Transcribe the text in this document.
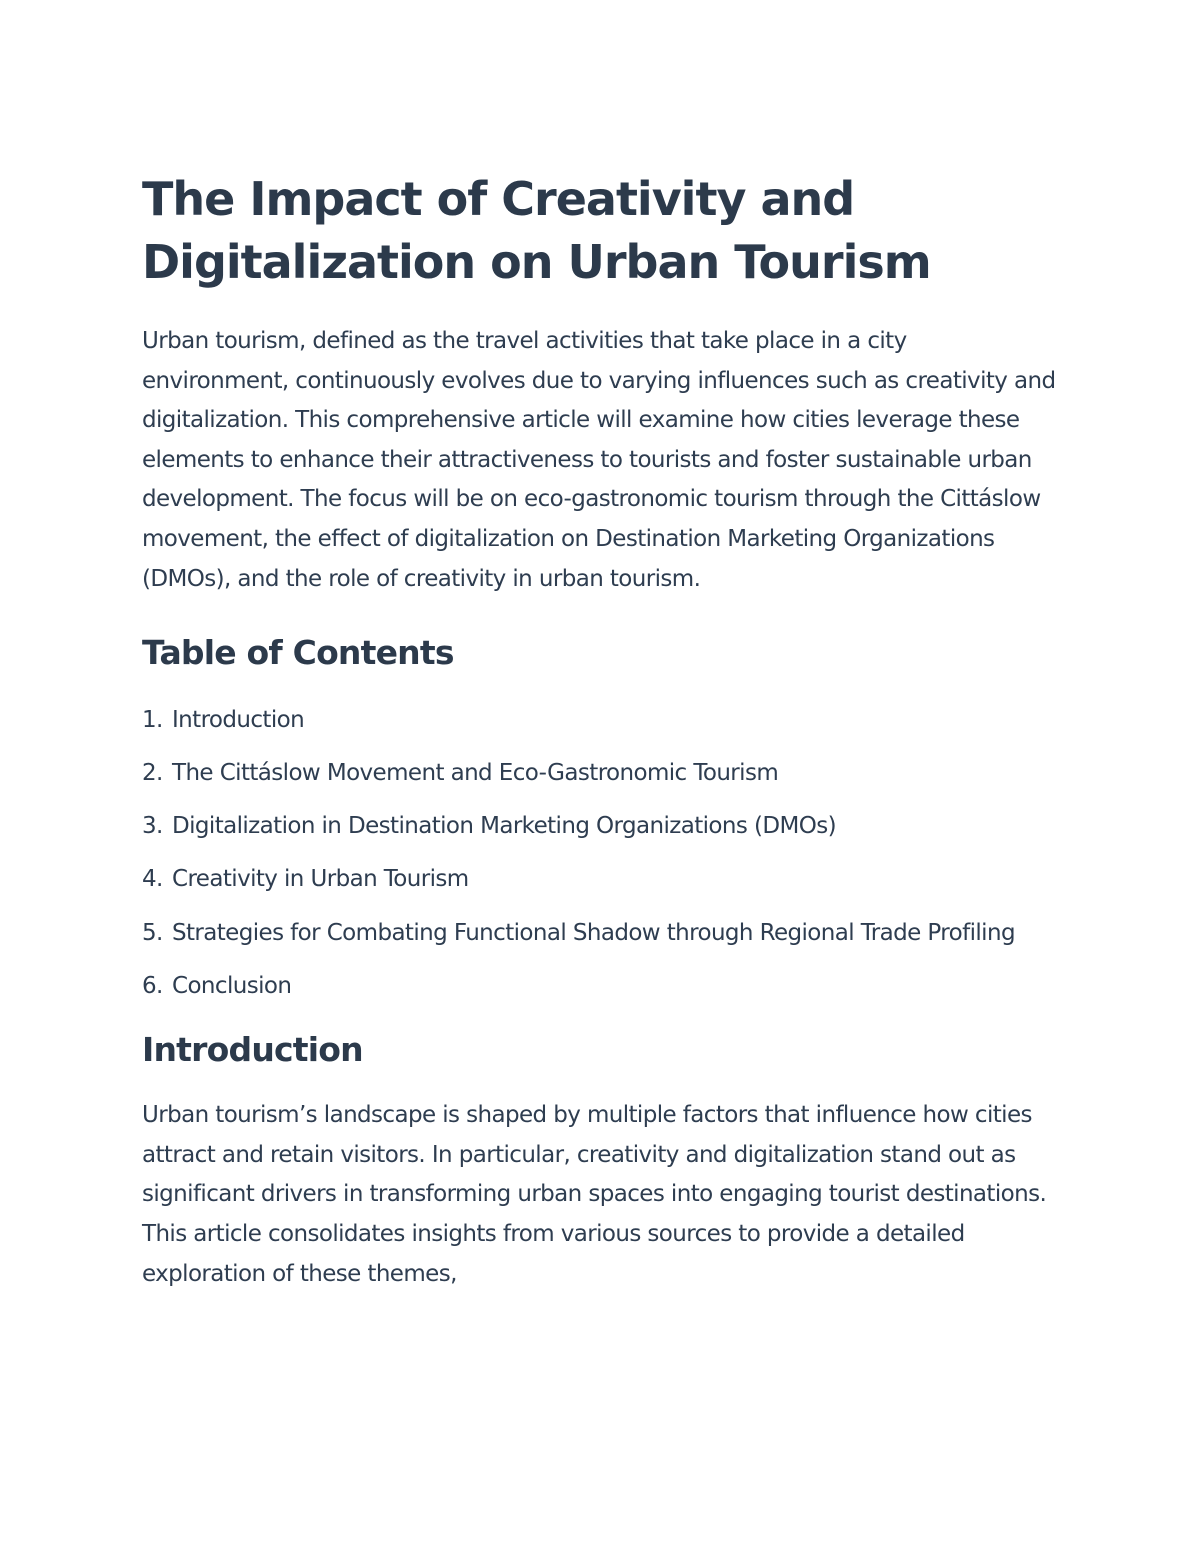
The Impact of Creativity and Digitalization on Urban Tourism

Urban tourism, defined as the travel activities that take place in a city environment, continuously evolves due to varying influences such as creativity and digitalization. This comprehensive article will examine how cities leverage these elements to enhance their attractiveness to tourists and foster sustainable urban development. The focus will be on eco-gastronomic tourism through the Cittáslow movement, the effect of digitalization on Destination Marketing Organizations (DMOs), and the role of creativity in urban tourism.

Table of Contents
1. Introduction
2. The Cittáslow Movement and Eco-Gastronomic Tourism
3. Digitalization in Destination Marketing Organizations (DMOs)
4. Creativity in Urban Tourism
5. Strategies for Combating Functional Shadow through Regional Trade Profiling
6. Conclusion
Introduction

Urban tourism’s landscape is shaped by multiple factors that influence how cities attract and retain visitors. In particular, creativity and digitalization stand out as significant drivers in transforming urban spaces into engaging tourist destinations. This article consolidates insights from various sources to provide a detailed exploration of these themes,
